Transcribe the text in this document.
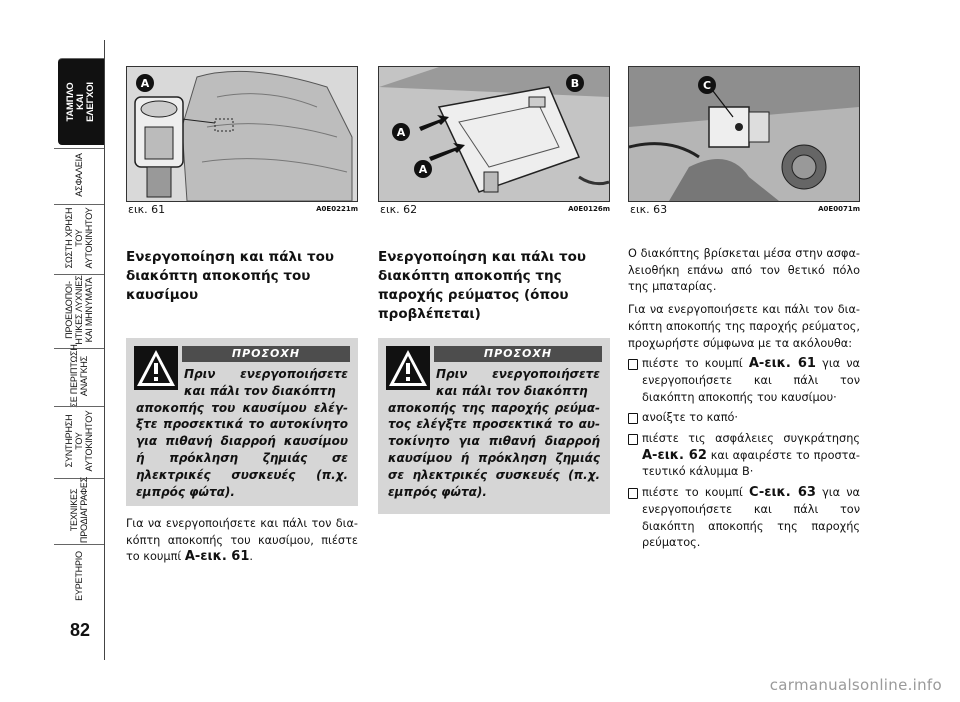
ΤΑΜΠΛΟ
ΚΑΙ
ΕΛΕΓΧΟΙ
ΑΣΦΑΛΕΙΑ
ΣΩΣΤΗ ΧΡΗΣΗ
ΤΟΥ
ΑΥΤΟΚΙΝΗΤΟΥ
ΠΡΟΕΙΔΟΠΟΙ-
ΗΤΙΚΕΣ ΛΥΧΝΙΕΣ
ΚΑΙ ΜΗΝΥΜΑΤΑ
ΣΕ ΠΕΡΙΠΤΩΣΗ
ΑΝΑΓΚΗΣ
ΣΥΝΤΗΡΗΣΗ
ΤΟΥ
ΑΥΤΟΚΙΝΗΤΟΥ
ΤΕΧΝΙΚΕΣ
ΠΡΟΔΙΑΓΡΑΦΕΣ
ΕΥΡΕΤΗΡΙΟ
82
A
εικ. 61	A0E0221m
A
A
B
εικ. 62	A0E0126m
C
εικ. 63	A0E0071m
Ενεργοποίηση και πάλι του διακόπτη αποκοπής του καυσίμου
ΠΡΟΣΟΧΗ
Πριν ενεργοποιήσετε και πάλι τον διακόπτη
αποκοπής του καυσίμου ελέγ-ξτε προσεκτικά το αυτοκίνητο για πιθανή διαρροή καυσίμου ή πρόκληση ζημιάς σε ηλεκτρικές συσκευές (π.χ. εμπρός φώτα).
Για να ενεργοποιήσετε και πάλι τον δια-κόπτη αποκοπής του καυσίμου, πιέστε το κουμπί Α-εικ. 61.
Ενεργοποίηση και πάλι του διακόπτη αποκοπής της παροχής ρεύματος (όπου προβλέπεται)
ΠΡΟΣΟΧΗ
Πριν ενεργοποιήσετε και πάλι τον διακόπτη
αποκοπής της παροχής ρεύμα-τος ελέγξτε προσεκτικά το αυ-τοκίνητο για πιθανή διαρροή καυσίμου ή πρόκληση ζημιάς σε ηλεκτρικές συσκευές (π.χ. εμπρός φώτα).
Ο διακόπτης βρίσκεται μέσα στην ασφα-λειοθήκη επάνω από τον θετικό πόλο της μπαταρίας.
Για να ενεργοποιήσετε και πάλι τον δια-κόπτη αποκοπής της παροχής ρεύματος, προχωρήστε σύμφωνα με τα ακόλουθα:
πιέστε το κουμπί Α-εικ. 61 για να ενεργοποιήσετε και πάλι τον διακόπτη αποκοπής του καυσίμου·
ανοίξτε το καπό·
πιέστε τις ασφάλειες συγκράτησης Α-εικ. 62 και αφαιρέστε το προστα-τευτικό κάλυμμα Β·
πιέστε το κουμπί C-εικ. 63 για να ενεργοποιήσετε και πάλι τον διακόπτη αποκοπής της παροχής ρεύματος.
carmanualsonline.info
